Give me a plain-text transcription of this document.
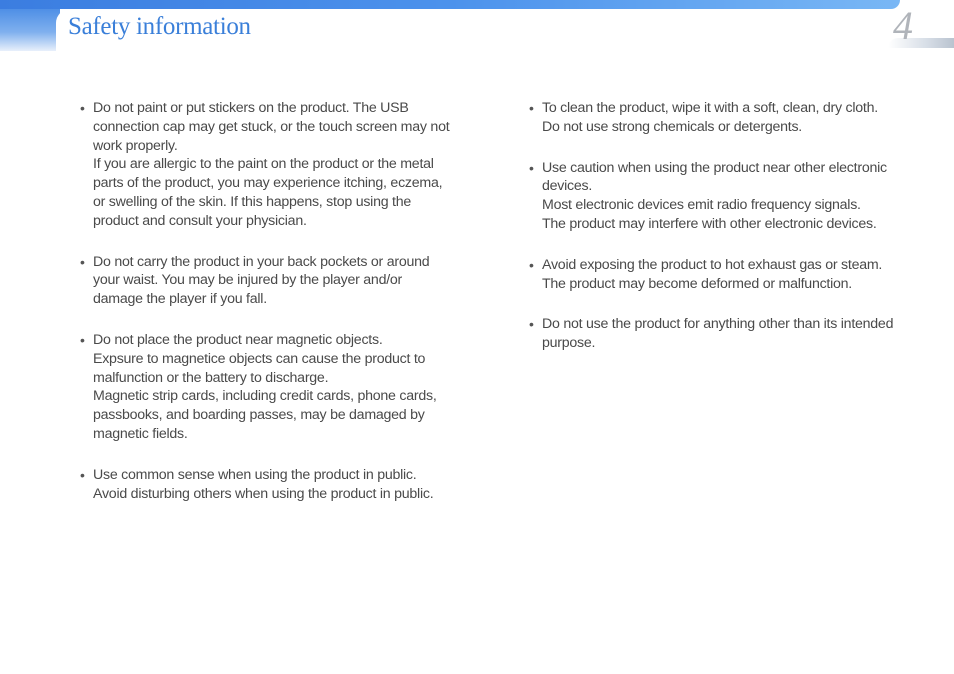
Safety information	4
• Do not paint or put stickers on the product. The USB connection cap may get stuck, or the touch screen may not work properly.

If you are allergic to the paint on the product or the metal parts of the product, you may experience itching, eczema, or swelling of the skin. If this happens, stop using the product and consult your physician.

• Do not carry the product in your back pockets or around your waist. You may be injured by the player and/or damage the player if you fall.

• Do not place the product near magnetic objects.

Expsure to magnetice objects can cause the product to malfunction or the battery to discharge.

Magnetic strip cards, including credit cards, phone cards, passbooks, and boarding passes, may be damaged by magnetic fields.

• Use common sense when using the product in public.

Avoid disturbing others when using the product in public.

• To clean the product, wipe it with a soft, clean, dry cloth.

Do not use strong chemicals or detergents.

• Use caution when using the product near other electronic devices.

Most electronic devices emit radio frequency signals.

The product may interfere with other electronic devices.

• Avoid exposing the product to hot exhaust gas or steam.

The product may become deformed or malfunction.

• Do not use the product for anything other than its intended purpose.
